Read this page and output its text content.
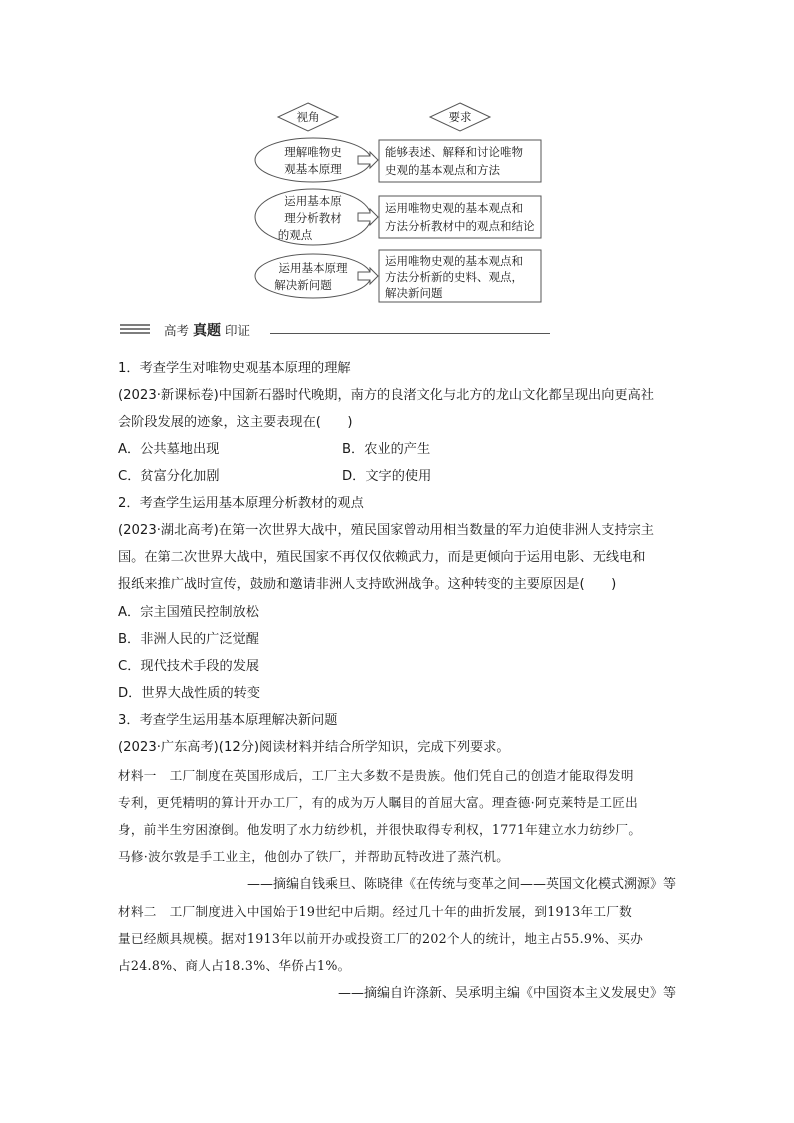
视角	要求
理解唯物史
观基本原理
能够表述、解释和讨论唯物
史观的基本观点和方法
运用基本原
理分析教材
的观点
运用唯物史观的基本观点和
方法分析教材中的观点和结论
运用基本原理
解决新问题
运用唯物史观的基本观点和
方法分析新的史料、观点，
解决新问题
高考 真题 印证
1．考查学生对唯物史观基本原理的理解
(2023·新课标卷)中国新石器时代晚期，南方的良渚文化与北方的龙山文化都呈现出向更高社
会阶段发展的迹象，这主要表现在(　　)
A．公共墓地出现	B．农业的产生
C．贫富分化加剧	D．文字的使用
2．考查学生运用基本原理分析教材的观点
(2023·湖北高考)在第一次世界大战中，殖民国家曾动用相当数量的军力迫使非洲人支持宗主
国。在第二次世界大战中，殖民国家不再仅仅依赖武力，而是更倾向于运用电影、无线电和
报纸来推广战时宣传，鼓励和邀请非洲人支持欧洲战争。这种转变的主要原因是(　　)
A．宗主国殖民控制放松
B．非洲人民的广泛觉醒
C．现代技术手段的发展
D．世界大战性质的转变
3．考查学生运用基本原理解决新问题
(2023·广东高考)(12分)阅读材料并结合所学知识，完成下列要求。
材料一　工厂制度在英国形成后，工厂主大多数不是贵族。他们凭自己的创造才能取得发明
专利，更凭精明的算计开办工厂，有的成为万人瞩目的首屈大富。理查德·阿克莱特是工匠出
身，前半生穷困潦倒。他发明了水力纺纱机，并很快取得专利权，1771年建立水力纺纱厂。
马修·波尔敦是手工业主，他创办了铁厂，并帮助瓦特改进了蒸汽机。
——摘编自钱乘旦、陈晓律《在传统与变革之间——英国文化模式溯源》等
材料二　工厂制度进入中国始于19世纪中后期。经过几十年的曲折发展，到1913年工厂数
量已经颇具规模。据对1913年以前开办或投资工厂的202个人的统计，地主占55.9%、买办
占24.8%、商人占18.3%、华侨占1%。
——摘编自许涤新、吴承明主编《中国资本主义发展史》等
